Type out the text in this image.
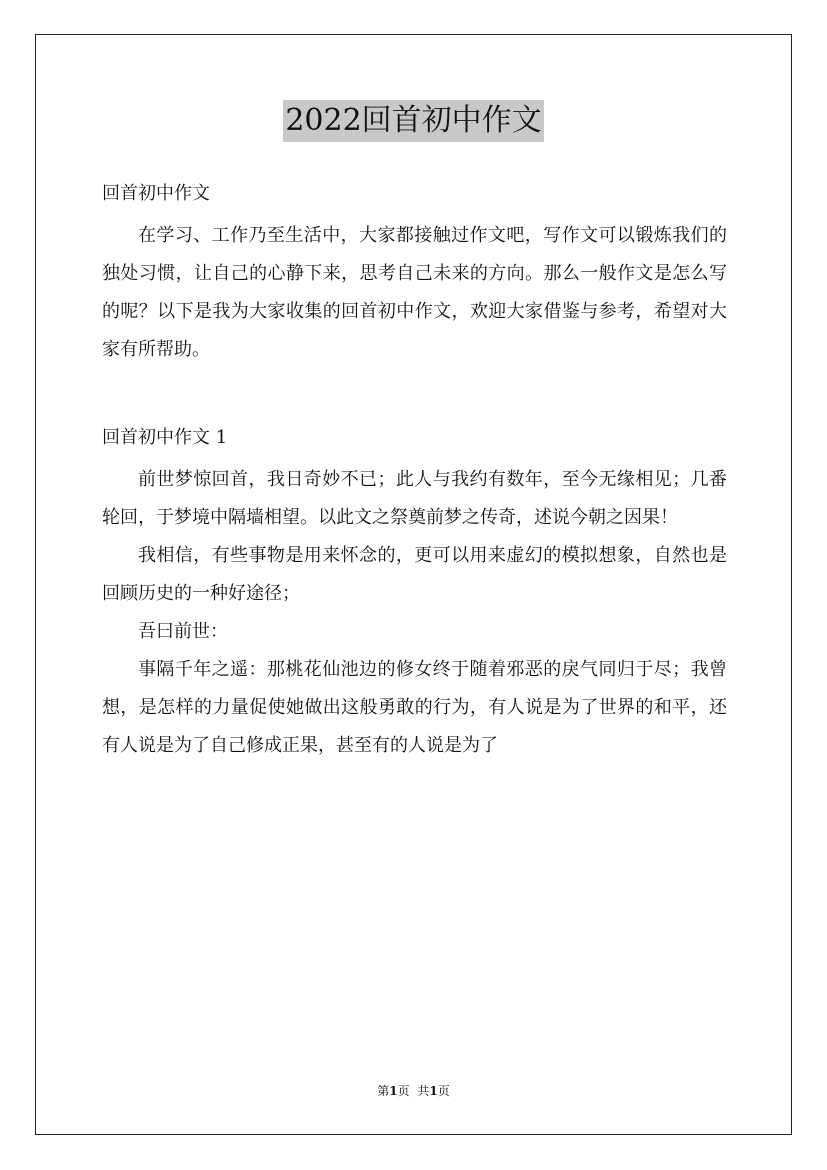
2022回首初中作文

回首初中作文

在学习、工作乃至生活中，大家都接触过作文吧，写作文可以锻炼我们的独处习惯，让自己的心静下来，思考自己未来的方向。那么一般作文是怎么写的呢？以下是我为大家收集的回首初中作文，欢迎大家借鉴与参考，希望对大家有所帮助。

回首初中作文 1

前世梦惊回首，我日奇妙不已；此人与我约有数年，至今无缘相见；几番轮回，于梦境中隔墙相望。以此文之祭奠前梦之传奇，述说今朝之因果！

我相信，有些事物是用来怀念的，更可以用来虚幻的模拟想象，自然也是回顾历史的一种好途径；

吾曰前世：

事隔千年之遥：那桃花仙池边的修女终于随着邪恶的戾气同归于尽；我曾想，是怎样的力量促使她做出这般勇敢的行为，有人说是为了世界的和平，还有人说是为了自己修成正果，甚至有的人说是为了

第1页 共1页
